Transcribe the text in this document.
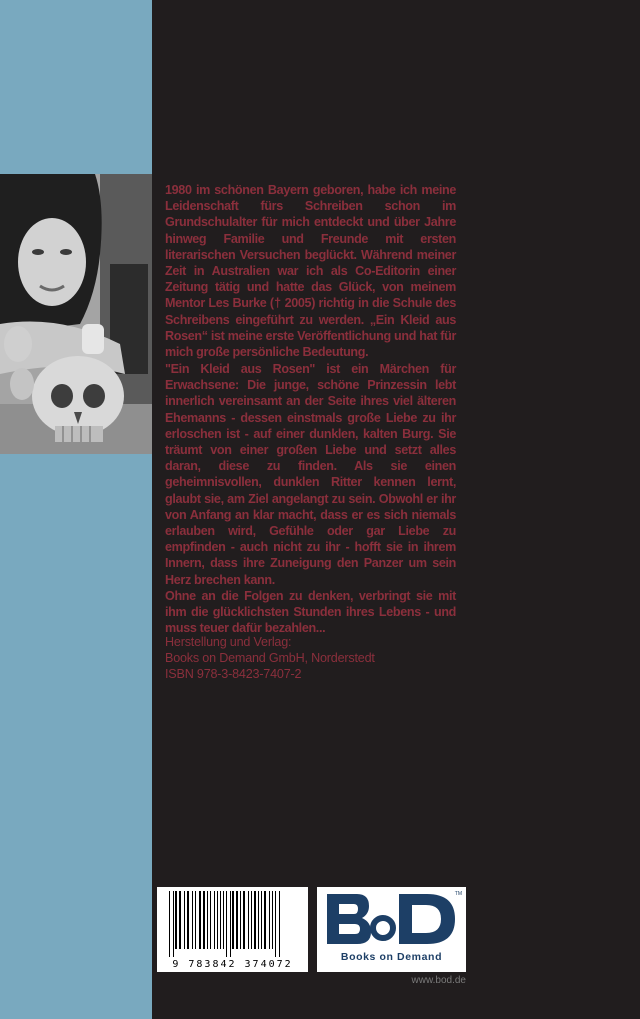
1980 im schönen Bayern geboren, habe ich meine Leidenschaft fürs Schreiben schon im Grundschulalter für mich entdeckt und über Jahre hinweg Familie und Freunde mit ersten literarischen Versuchen beglückt. Während meiner Zeit in Australien war ich als Co-Editorin einer Zeitung tätig und hatte das Glück, von meinem Mentor Les Burke († 2005) richtig in die Schule des Schreibens eingeführt zu werden. „Ein Kleid aus Rosen“ ist meine erste Veröffentlichung und hat für mich große persönliche Bedeutung.

"Ein Kleid aus Rosen" ist ein Märchen für Erwachsene: Die junge, schöne Prinzessin lebt innerlich vereinsamt an der Seite ihres viel älteren Ehemanns - dessen einstmals große Liebe zu ihr erloschen ist - auf einer dunklen, kalten Burg. Sie träumt von einer großen Liebe und setzt alles daran, diese zu finden. Als sie einen geheimnisvollen, dunklen Ritter kennen lernt, glaubt sie, am Ziel angelangt zu sein. Obwohl er ihr von Anfang an klar macht, dass er es sich niemals erlauben wird, Gefühle oder gar Liebe zu empfinden - auch nicht zu ihr - hofft sie in ihrem Innern, dass ihre Zuneigung den Panzer um sein Herz brechen kann.

Ohne an die Folgen zu denken, verbringt sie mit ihm die glücklichsten Stunden ihres Lebens - und muss teuer dafür bezahlen...

Herstellung und Verlag:
Books on Demand GmbH, Norderstedt
ISBN 978-3-8423-7407-2
9 783842 374072
TM
Books on Demand
www.bod.de
